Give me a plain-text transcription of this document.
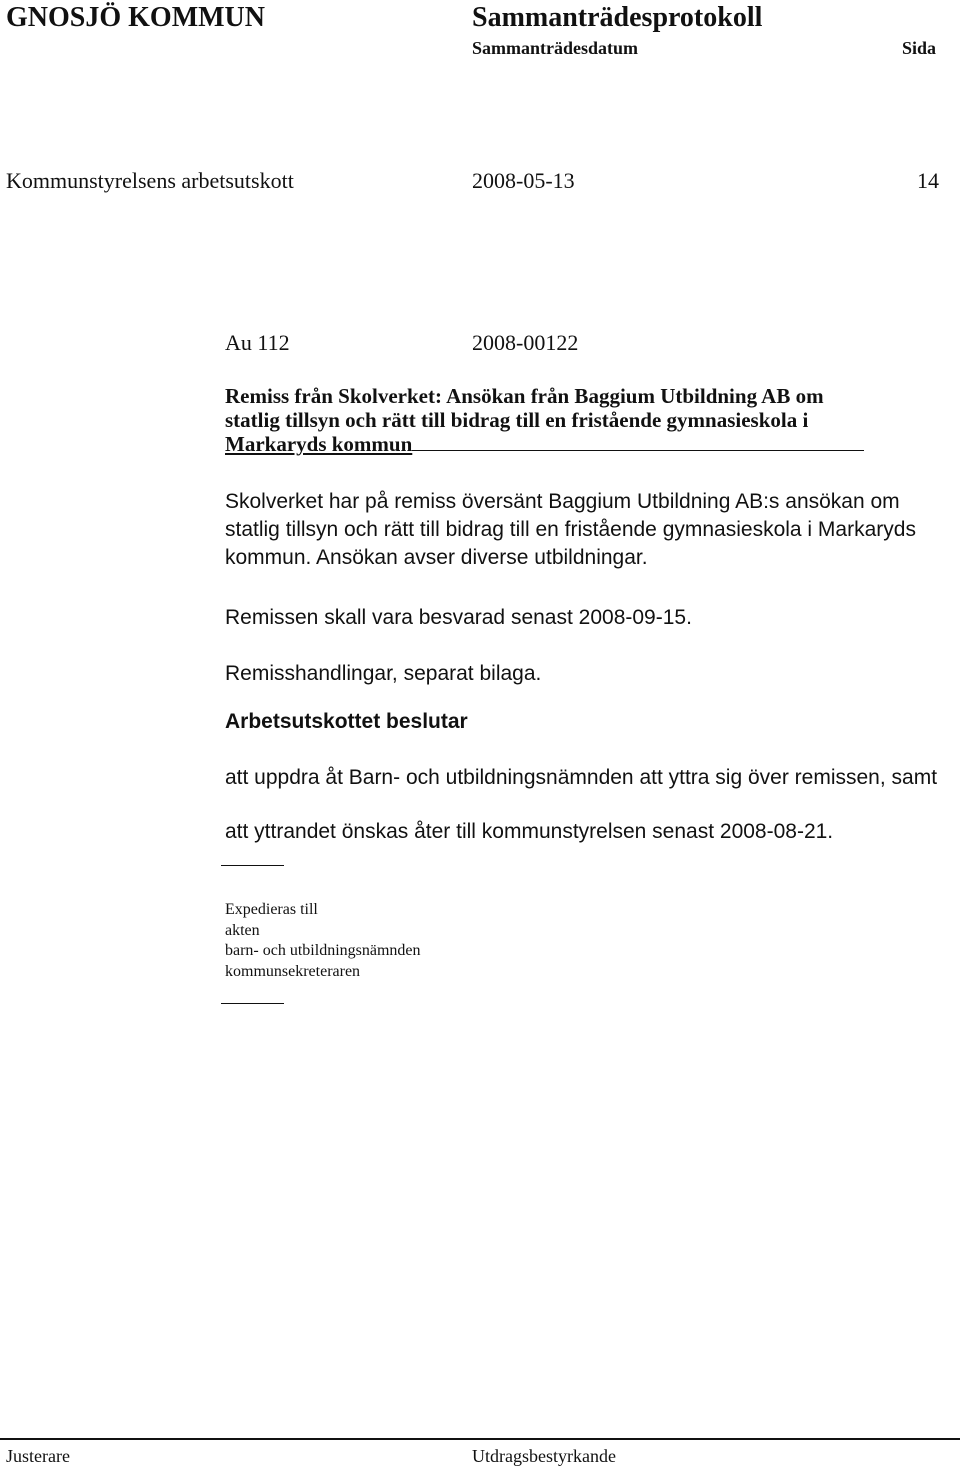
GNOSJÖ KOMMUN	Sammanträdesprotokoll
Sammanträdesdatum	Sida
Kommunstyrelsens arbetsutskott	2008-05-13	14
Au 112	2008-00122
Remiss från Skolverket: Ansökan från Baggium Utbildning AB om
statlig tillsyn och rätt till bidrag till en fristående gymnasieskola i
Markaryds kommun
Skolverket har på remiss översänt Baggium Utbildning AB:s ansökan om
statlig tillsyn och rätt till bidrag till en fristående gymnasieskola i Markaryds
kommun. Ansökan avser diverse utbildningar.
Remissen skall vara besvarad senast 2008-09-15.
Remisshandlingar, separat bilaga.
Arbetsutskottet beslutar
att uppdra åt Barn- och utbildningsnämnden att yttra sig över remissen, samt
att yttrandet önskas åter till kommunstyrelsen senast 2008-08-21.
Expedieras till
akten
barn- och utbildningsnämnden
kommunsekreteraren
Justerare	Utdragsbestyrkande
